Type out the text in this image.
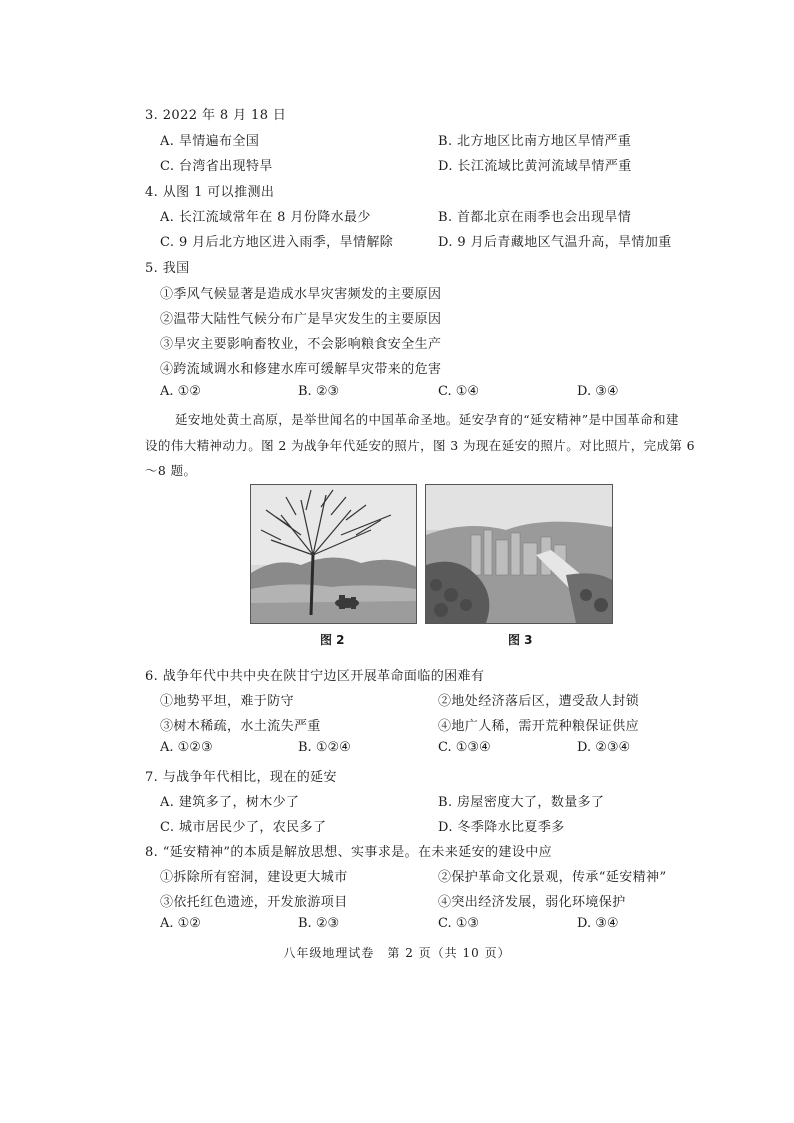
3. 2022 年 8 月 18 日
A. 旱情遍布全国	B. 北方地区比南方地区旱情严重
C. 台湾省出现特旱	D. 长江流域比黄河流域旱情严重
4. 从图 1 可以推测出
A. 长江流域常年在 8 月份降水最少	B. 首都北京在雨季也会出现旱情
C. 9 月后北方地区进入雨季，旱情解除	D. 9 月后青藏地区气温升高，旱情加重
5. 我国
①季风气候显著是造成水旱灾害频发的主要原因
②温带大陆性气候分布广是旱灾发生的主要原因
③旱灾主要影响畜牧业，不会影响粮食安全生产
④跨流域调水和修建水库可缓解旱灾带来的危害
A. ①②	B. ②③	C. ①④	D. ③④
延安地处黄土高原，是举世闻名的中国革命圣地。延安孕育的“延安精神”是中国革命和建
设的伟大精神动力。图 2 为战争年代延安的照片，图 3 为现在延安的照片。对比照片，完成第 6
～8 题。
图 2	图 3
6. 战争年代中共中央在陕甘宁边区开展革命面临的困难有
①地势平坦，难于防守	②地处经济落后区，遭受敌人封锁
③树木稀疏，水土流失严重	④地广人稀，需开荒种粮保证供应
A. ①②③	B. ①②④	C. ①③④	D. ②③④
7. 与战争年代相比，现在的延安
A. 建筑多了，树木少了	B. 房屋密度大了，数量多了
C. 城市居民少了，农民多了	D. 冬季降水比夏季多
8. “延安精神”的本质是解放思想、实事求是。在未来延安的建设中应
①拆除所有窑洞，建设更大城市	②保护革命文化景观，传承“延安精神”
③依托红色遗迹，开发旅游项目	④突出经济发展，弱化环境保护
A. ①②	B. ②③	C. ①③	D. ③④
八年级地理试卷　第 2 页（共 10 页）
